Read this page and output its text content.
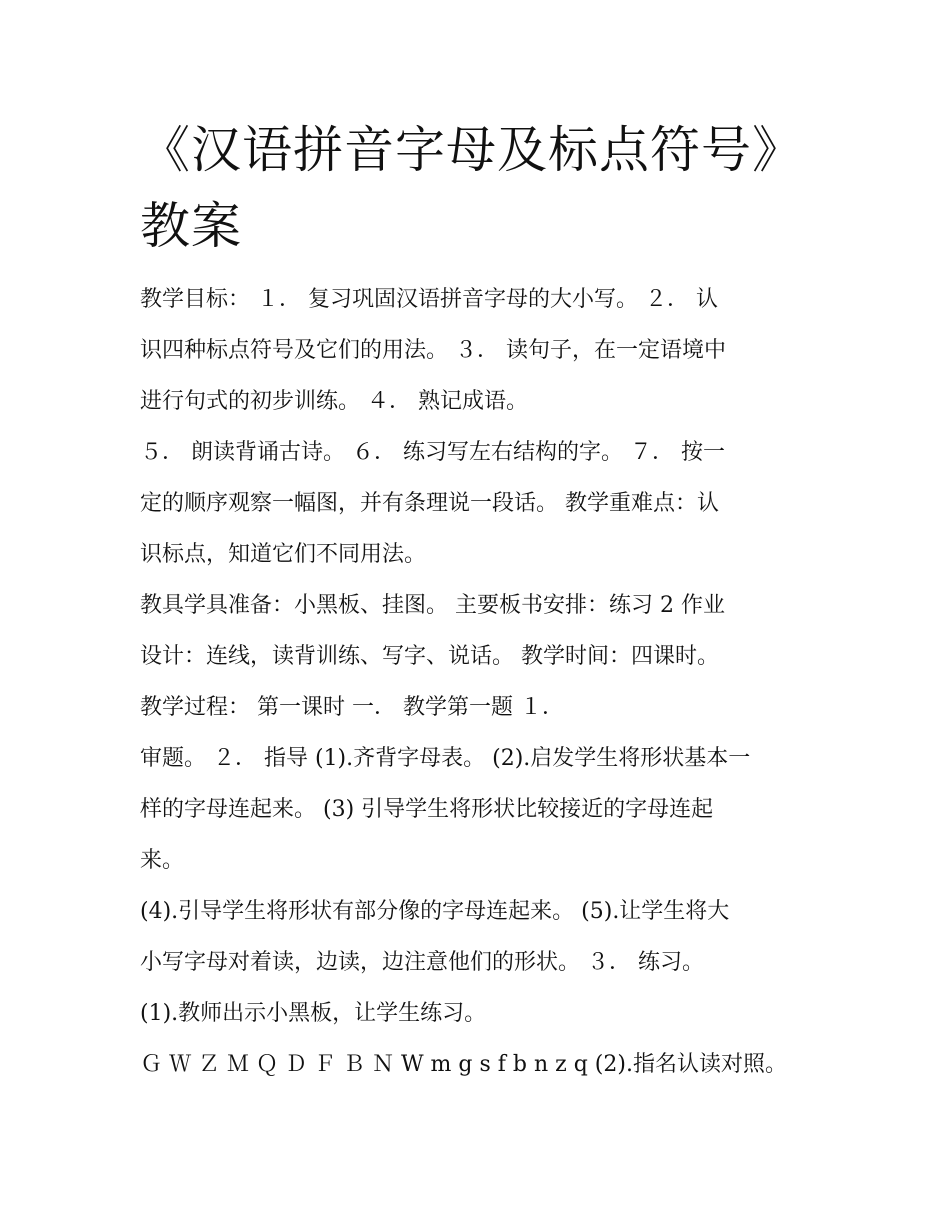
《汉语拼音字母及标点符号》
教案
教学目标： １． 复习巩固汉语拼音字母的大小写。 ２． 认
识四种标点符号及它们的用法。 ３． 读句子，在一定语境中
进行句式的初步训练。 ４． 熟记成语。
５． 朗读背诵古诗。 ６． 练习写左右结构的字。 ７． 按一
定的顺序观察一幅图，并有条理说一段话。 教学重难点：认
识标点，知道它们不同用法。
教具学具准备：小黑板、挂图。 主要板书安排：练习 2 作业
设计：连线，读背训练、写字、说话。 教学时间：四课时。
教学过程： 第一课时 一． 教学第一题 １．
审题。 ２． 指导 (1).齐背字母表。 (2).启发学生将形状基本一
样的字母连起来。 (3) 引导学生将形状比较接近的字母连起
来。
(4).引导学生将形状有部分像的字母连起来。 (5).让学生将大
小写字母对着读，边读，边注意他们的形状。 ３． 练习。
(1).教师出示小黑板，让学生练习。
Ｇ Ｗ Ｚ Ｍ Ｑ Ｄ Ｆ Ｂ Ｎ W m g s f b n z q (2).指名认读对照。
